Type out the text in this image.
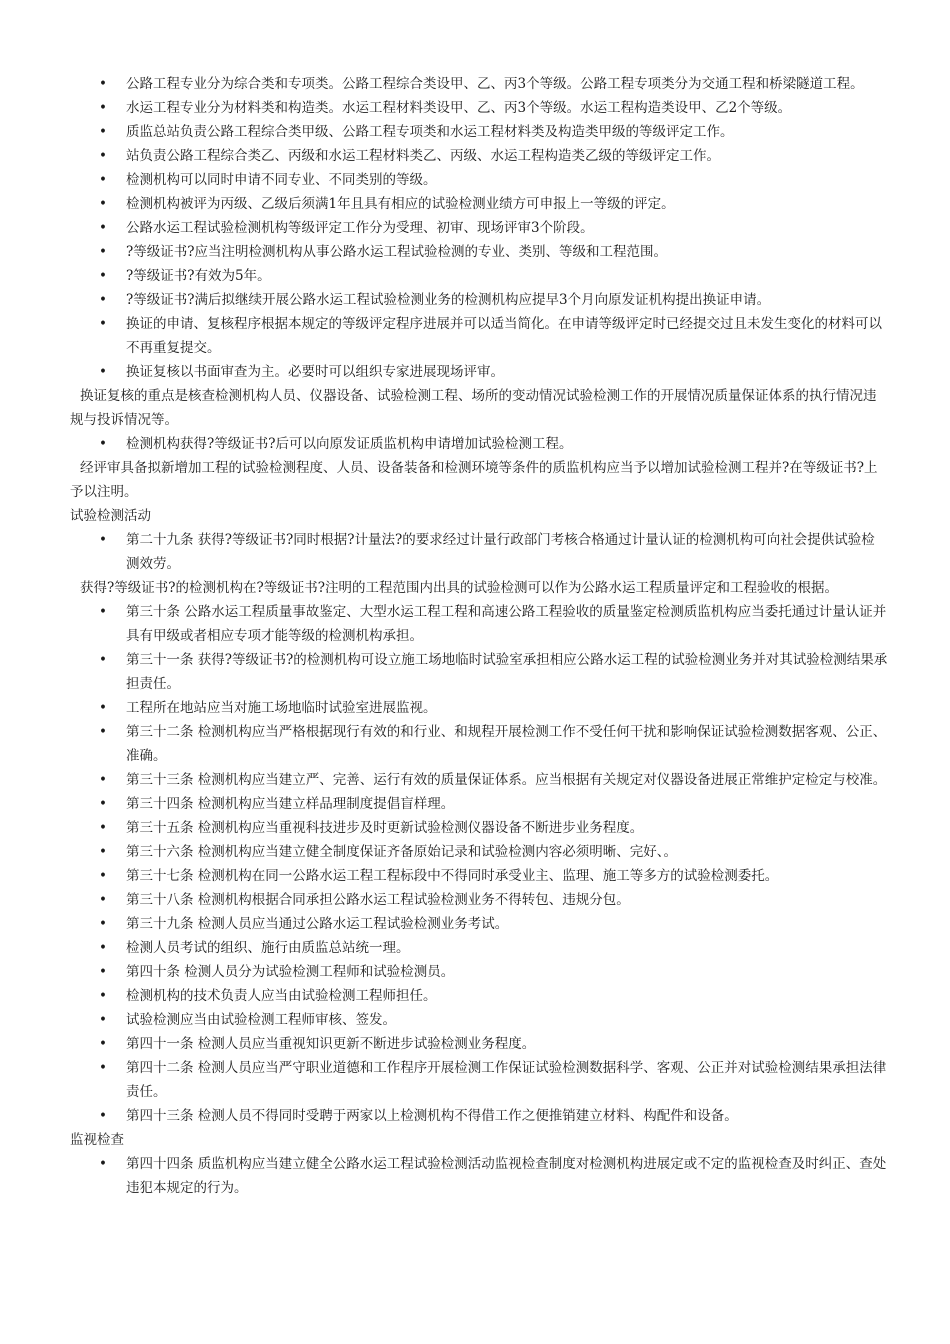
• 公路工程专业分为综合类和专项类。公路工程综合类设甲、乙、丙3个等级。公路工程专项类分为交通工程和桥梁隧道工程。
• 水运工程专业分为材料类和构造类。水运工程材料类设甲、乙、丙3个等级。水运工程构造类设甲、乙2个等级。
• 质监总站负责公路工程综合类甲级、公路工程专项类和水运工程材料类及构造类甲级的等级评定工作。
• 站负责公路工程综合类乙、丙级和水运工程材料类乙、丙级、水运工程构造类乙级的等级评定工作。
• 检测机构可以同时申请不同专业、不同类别的等级。
• 检测机构被评为丙级、乙级后须满1年且具有相应的试验检测业绩方可申报上一等级的评定。
• 公路水运工程试验检测机构等级评定工作分为受理、初审、现场评审3个阶段。
• ?等级证书?应当注明检测机构从事公路水运工程试验检测的专业、类别、等级和工程范围。
• ?等级证书?有效为5年。
• ?等级证书?满后拟继续开展公路水运工程试验检测业务的检测机构应提早3个月向原发证机构提出换证申请。
• 换证的申请、复核程序根据本规定的等级评定程序进展并可以适当简化。在申请等级评定时已经提交过且未发生变化的材料可以不再重复提交。
• 换证复核以书面审查为主。必要时可以组织专家进展现场评审。
换证复核的重点是核查检测机构人员、仪器设备、试验检测工程、场所的变动情况试验检测工作的开展情况质量保证体系的执行情况违规与投诉情况等。
• 检测机构获得?等级证书?后可以向原发证质监机构申请增加试验检测工程。
经评审具备拟新增加工程的试验检测程度、人员、设备装备和检测环境等条件的质监机构应当予以增加试验检测工程并?在等级证书?上予以注明。
试验检测活动
• 第二十九条 获得?等级证书?同时根据?计量法?的要求经过计量行政部门考核合格通过计量认证的检测机构可向社会提供试验检测效劳。
获得?等级证书?的检测机构在?等级证书?注明的工程范围内出具的试验检测可以作为公路水运工程质量评定和工程验收的根据。
• 第三十条 公路水运工程质量事故鉴定、大型水运工程工程和高速公路工程验收的质量鉴定检测质监机构应当委托通过计量认证并具有甲级或者相应专项才能等级的检测机构承担。
• 第三十一条 获得?等级证书?的检测机构可设立施工场地临时试验室承担相应公路水运工程的试验检测业务并对其试验检测结果承担责任。
• 工程所在地站应当对施工场地临时试验室进展监视。
• 第三十二条 检测机构应当严格根据现行有效的和行业、和规程开展检测工作不受任何干扰和影响保证试验检测数据客观、公正、准确。
• 第三十三条 检测机构应当建立严、完善、运行有效的质量保证体系。应当根据有关规定对仪器设备进展正常维护定检定与校准。
• 第三十四条 检测机构应当建立样品理制度提倡盲样理。
• 第三十五条 检测机构应当重视科技进步及时更新试验检测仪器设备不断进步业务程度。
• 第三十六条 检测机构应当建立健全制度保证齐备原始记录和试验检测内容必须明晰、完好、。
• 第三十七条 检测机构在同一公路水运工程工程标段中不得同时承受业主、监理、施工等多方的试验检测委托。
• 第三十八条 检测机构根据合同承担公路水运工程试验检测业务不得转包、违规分包。
• 第三十九条 检测人员应当通过公路水运工程试验检测业务考试。
• 检测人员考试的组织、施行由质监总站统一理。
• 第四十条 检测人员分为试验检测工程师和试验检测员。
• 检测机构的技术负责人应当由试验检测工程师担任。
• 试验检测应当由试验检测工程师审核、签发。
• 第四十一条 检测人员应当重视知识更新不断进步试验检测业务程度。
• 第四十二条 检测人员应当严守职业道德和工作程序开展检测工作保证试验检测数据科学、客观、公正并对试验检测结果承担法律责任。
• 第四十三条 检测人员不得同时受聘于两家以上检测机构不得借工作之便推销建立材料、构配件和设备。
监视检查
• 第四十四条 质监机构应当建立健全公路水运工程试验检测活动监视检查制度对检测机构进展定或不定的监视检查及时纠正、查处违犯本规定的行为。
